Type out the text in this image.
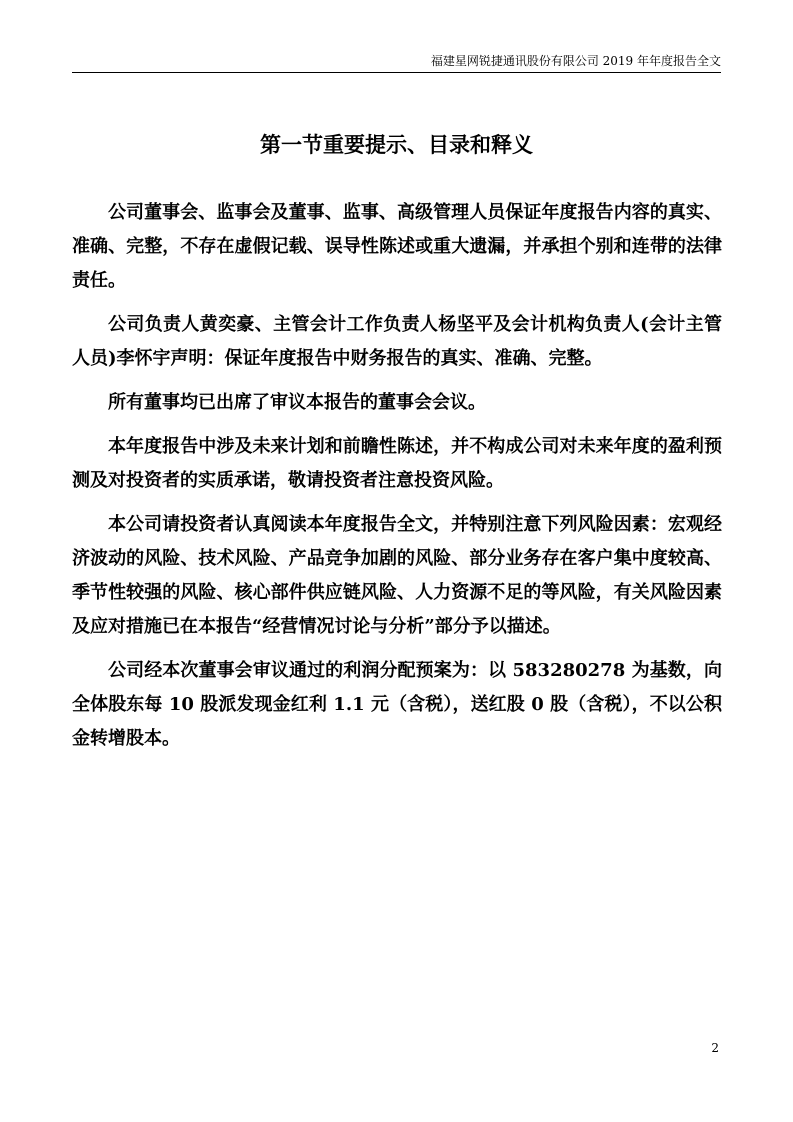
福建星网锐捷通讯股份有限公司 2019 年年度报告全文
第一节重要提示、目录和释义

公司董事会、监事会及董事、监事、高级管理人员保证年度报告内容的真实、准确、完整，不存在虚假记载、误导性陈述或重大遗漏，并承担个别和连带的法律责任。

公司负责人黄奕豪、主管会计工作负责人杨坚平及会计机构负责人(会计主管人员)李怀宇声明：保证年度报告中财务报告的真实、准确、完整。

所有董事均已出席了审议本报告的董事会会议。

本年度报告中涉及未来计划和前瞻性陈述，并不构成公司对未来年度的盈利预测及对投资者的实质承诺，敬请投资者注意投资风险。

本公司请投资者认真阅读本年度报告全文，并特别注意下列风险因素：宏观经济波动的风险、技术风险、产品竞争加剧的风险、部分业务存在客户集中度较高、季节性较强的风险、核心部件供应链风险、人力资源不足的等风险，有关风险因素及应对措施已在本报告“经营情况讨论与分析”部分予以描述。

公司经本次董事会审议通过的利润分配预案为：以 583280278 为基数，向全体股东每 10 股派发现金红利 1.1 元（含税），送红股 0 股（含税），不以公积金转增股本。

2
